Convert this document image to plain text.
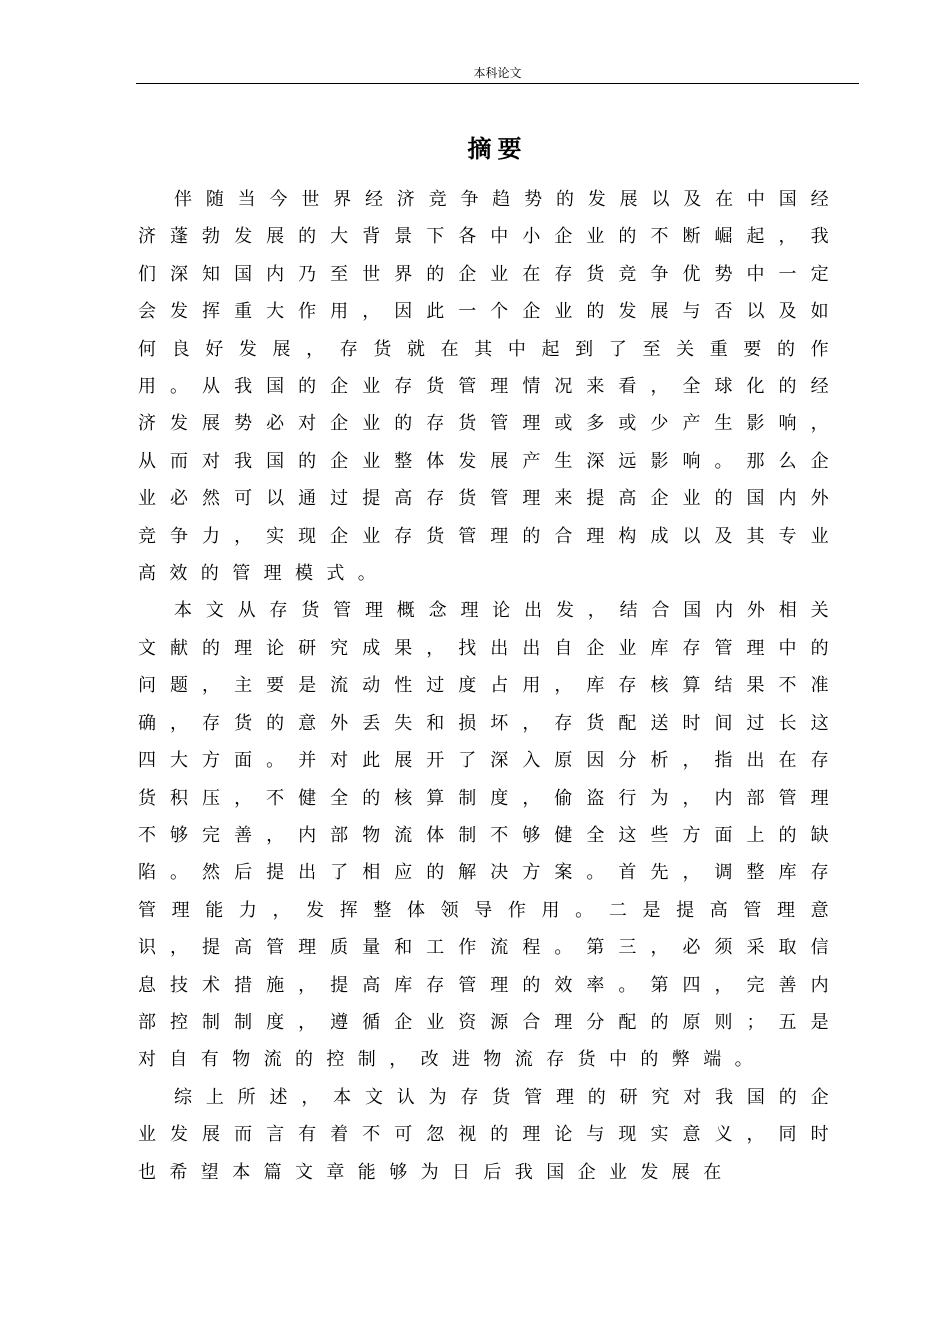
本科论文
摘要

伴随当今世界经济竞争趋势的发展以及在中国经济蓬勃发展的大背景下各中小企业的不断崛起，我们深知国内乃至世界的企业在存货竞争优势中一定会发挥重大作用，因此一个企业的发展与否以及如何良好发展，存货就在其中起到了至关重要的作用。从我国的企业存货管理情况来看，全球化的经济发展势必对企业的存货管理或多或少产生影响，从而对我国的企业整体发展产生深远影响。那么企业必然可以通过提高存货管理来提高企业的国内外竞争力，实现企业存货管理的合理构成以及其专业高效的管理模式。

本文从存货管理概念理论出发，结合国内外相关文献的理论研究成果，找出出自企业库存管理中的问题，主要是流动性过度占用，库存核算结果不准确，存货的意外丢失和损坏，存货配送时间过长这四大方面。并对此展开了深入原因分析，指出在存货积压，不健全的核算制度，偷盗行为，内部管理不够完善，内部物流体制不够健全这些方面上的缺陷。然后提出了相应的解决方案。首先，调整库存管理能力，发挥整体领导作用。二是提高管理意识，提高管理质量和工作流程。第三，必须采取信息技术措施，提高库存管理的效率。第四，完善内部控制制度，遵循企业资源合理分配的原则；五是对自有物流的控制，改进物流存货中的弊端。

综上所述，本文认为存货管理的研究对我国的企业发展而言有着不可忽视的理论与现实意义，同时也希望本篇文章能够为日后我国企业发展在
